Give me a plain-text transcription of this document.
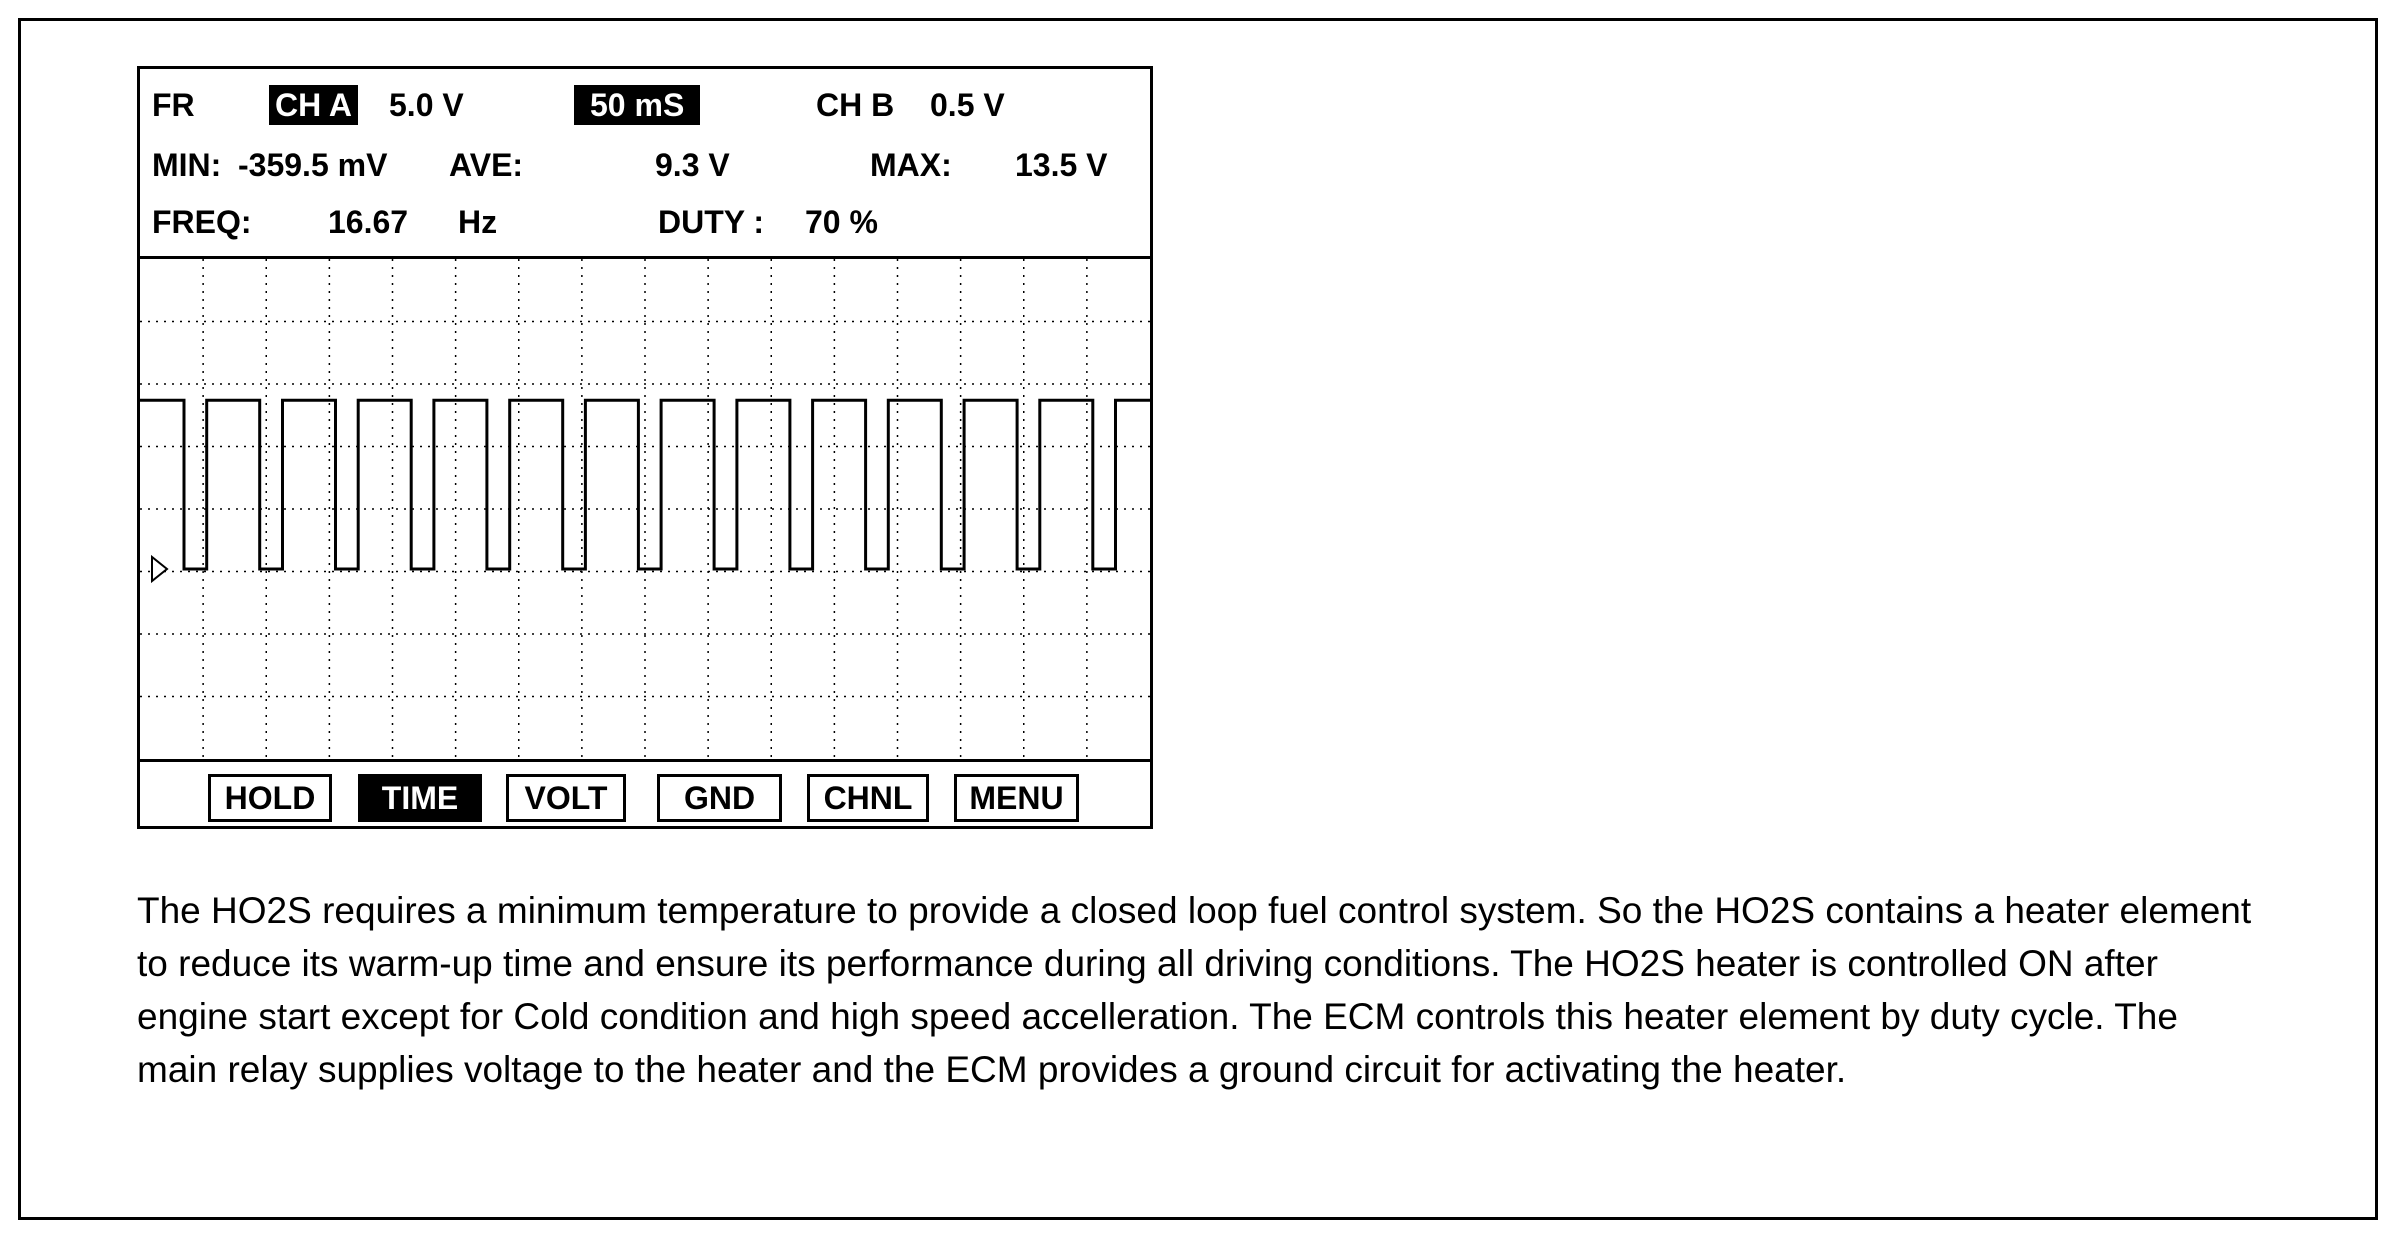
FR	CH A 5.0 V	50 mS	CH B 0.5 V
MIN: -359.5 mV AVE:	9.3 V	MAX: 13.5 V
FREQ: 16.67 Hz	DUTY : 70 %
HOLD	TIME	VOLT	GND	CHNL	MENU

The HO2S requires a minimum temperature to provide a closed loop fuel control system. So the HO2S contains a heater element to reduce its warm-up time and ensure its performance during all driving conditions. The HO2S heater is controlled ON after engine start except for Cold condition and high speed accelleration. The ECM controls this heater element by duty cycle. The main relay supplies voltage to the heater and the ECM provides a ground circuit for activating the heater.
